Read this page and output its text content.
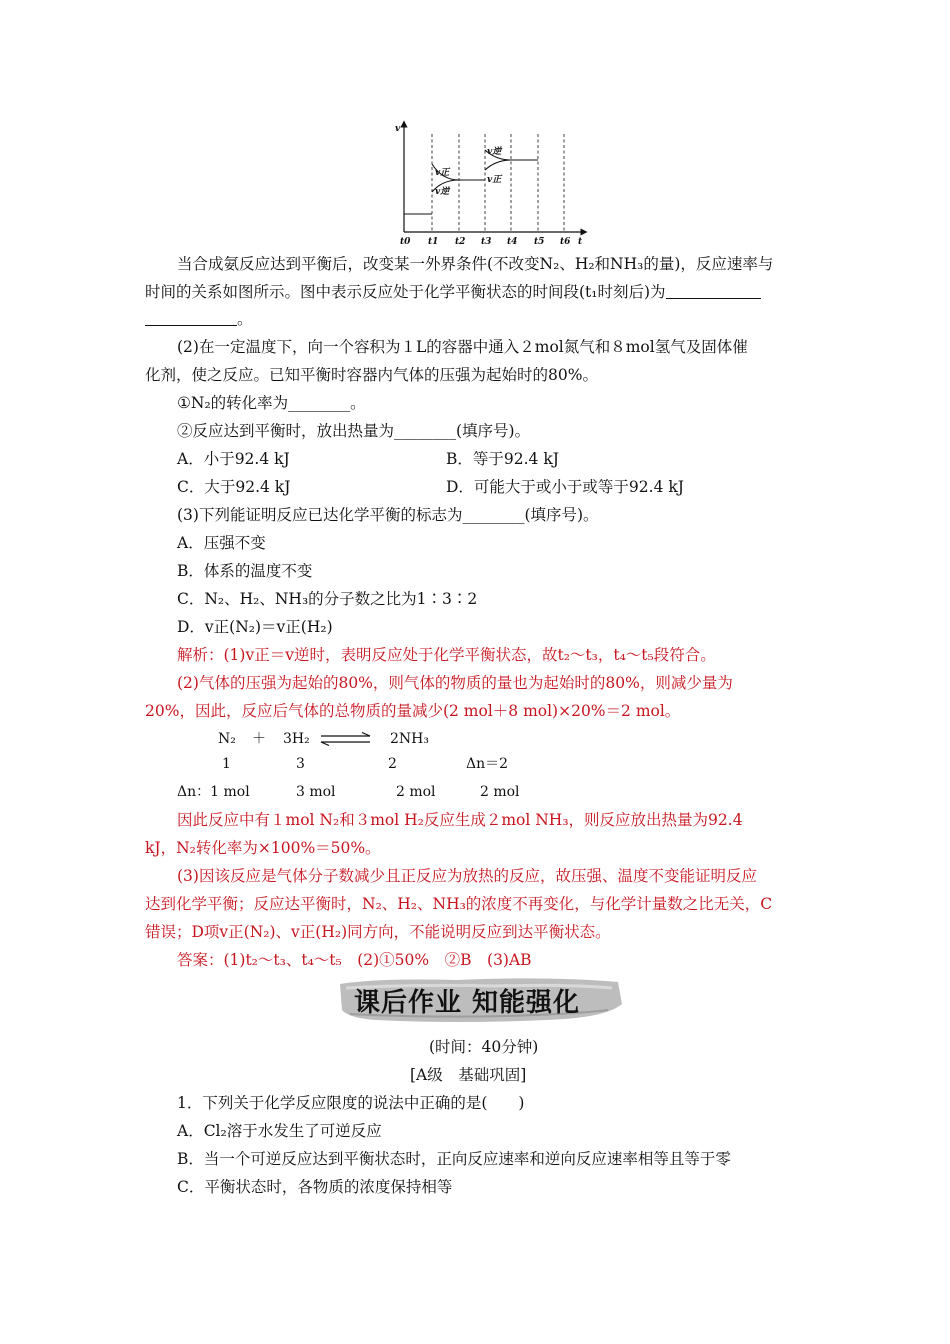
v
t
v正
v逆
v逆
v正
t0 t1 t2 t3 t4 t5 t6
当合成氨反应达到平衡后，改变某一外界条件(不改变N₂、H₂和NH₃的量)，反应速率与
时间的关系如图所示。图中表示反应处于化学平衡状态的时间段(t₁时刻后)为
。
(2)在一定温度下，向一个容积为１L的容器中通入２mol氮气和８mol氢气及固体催
化剂，使之反应。已知平衡时容器内气体的压强为起始时的80%。
①N₂的转化率为________。
②反应达到平衡时，放出热量为________(填序号)。
A．小于92.4 kJ	B．等于92.4 kJ
C．大于92.4 kJ	D．可能大于或小于或等于92.4 kJ
(3)下列能证明反应已达化学平衡的标志为________(填序号)。
A．压强不变
B．体系的温度不变
C．N₂、H₂、NH₃的分子数之比为1∶3∶2
D．v正(N₂)＝v正(H₂)
解析：(1)v正＝v逆时，表明反应处于化学平衡状态，故t₂～t₃，t₄～t₅段符合。
(2)气体的压强为起始的80%，则气体的物质的量也为起始时的80%，则减少量为
20%，因此，反应后气体的总物质的量减少(2 mol＋8 mol)×20%＝2 mol。
N₂ ＋ 3H₂ ⇌ 2NH₃
1	3	2	Δn＝2
Δn：1 mol	3 mol	2 mol	2 mol
因此反应中有１mol N₂和３mol H₂反应生成２mol NH₃，则反应放出热量为92.4
kJ，N₂转化率为×100%＝50%。
(3)因该反应是气体分子数减少且正反应为放热的反应，故压强、温度不变能证明反应
达到化学平衡；反应达平衡时，N₂、H₂、NH₃的浓度不再变化，与化学计量数之比无关，C
错误；D项v正(N₂)、v正(H₂)同方向，不能说明反应到达平衡状态。
答案：(1)t₂～t₃、t₄～t₅　(2)①50%　②B　(3)AB
课后作业 知能强化
(时间：40分钟)
[A级　基础巩固]
1．下列关于化学反应限度的说法中正确的是(　　)
A．Cl₂溶于水发生了可逆反应
B．当一个可逆反应达到平衡状态时，正向反应速率和逆向反应速率相等且等于零
C．平衡状态时，各物质的浓度保持相等
